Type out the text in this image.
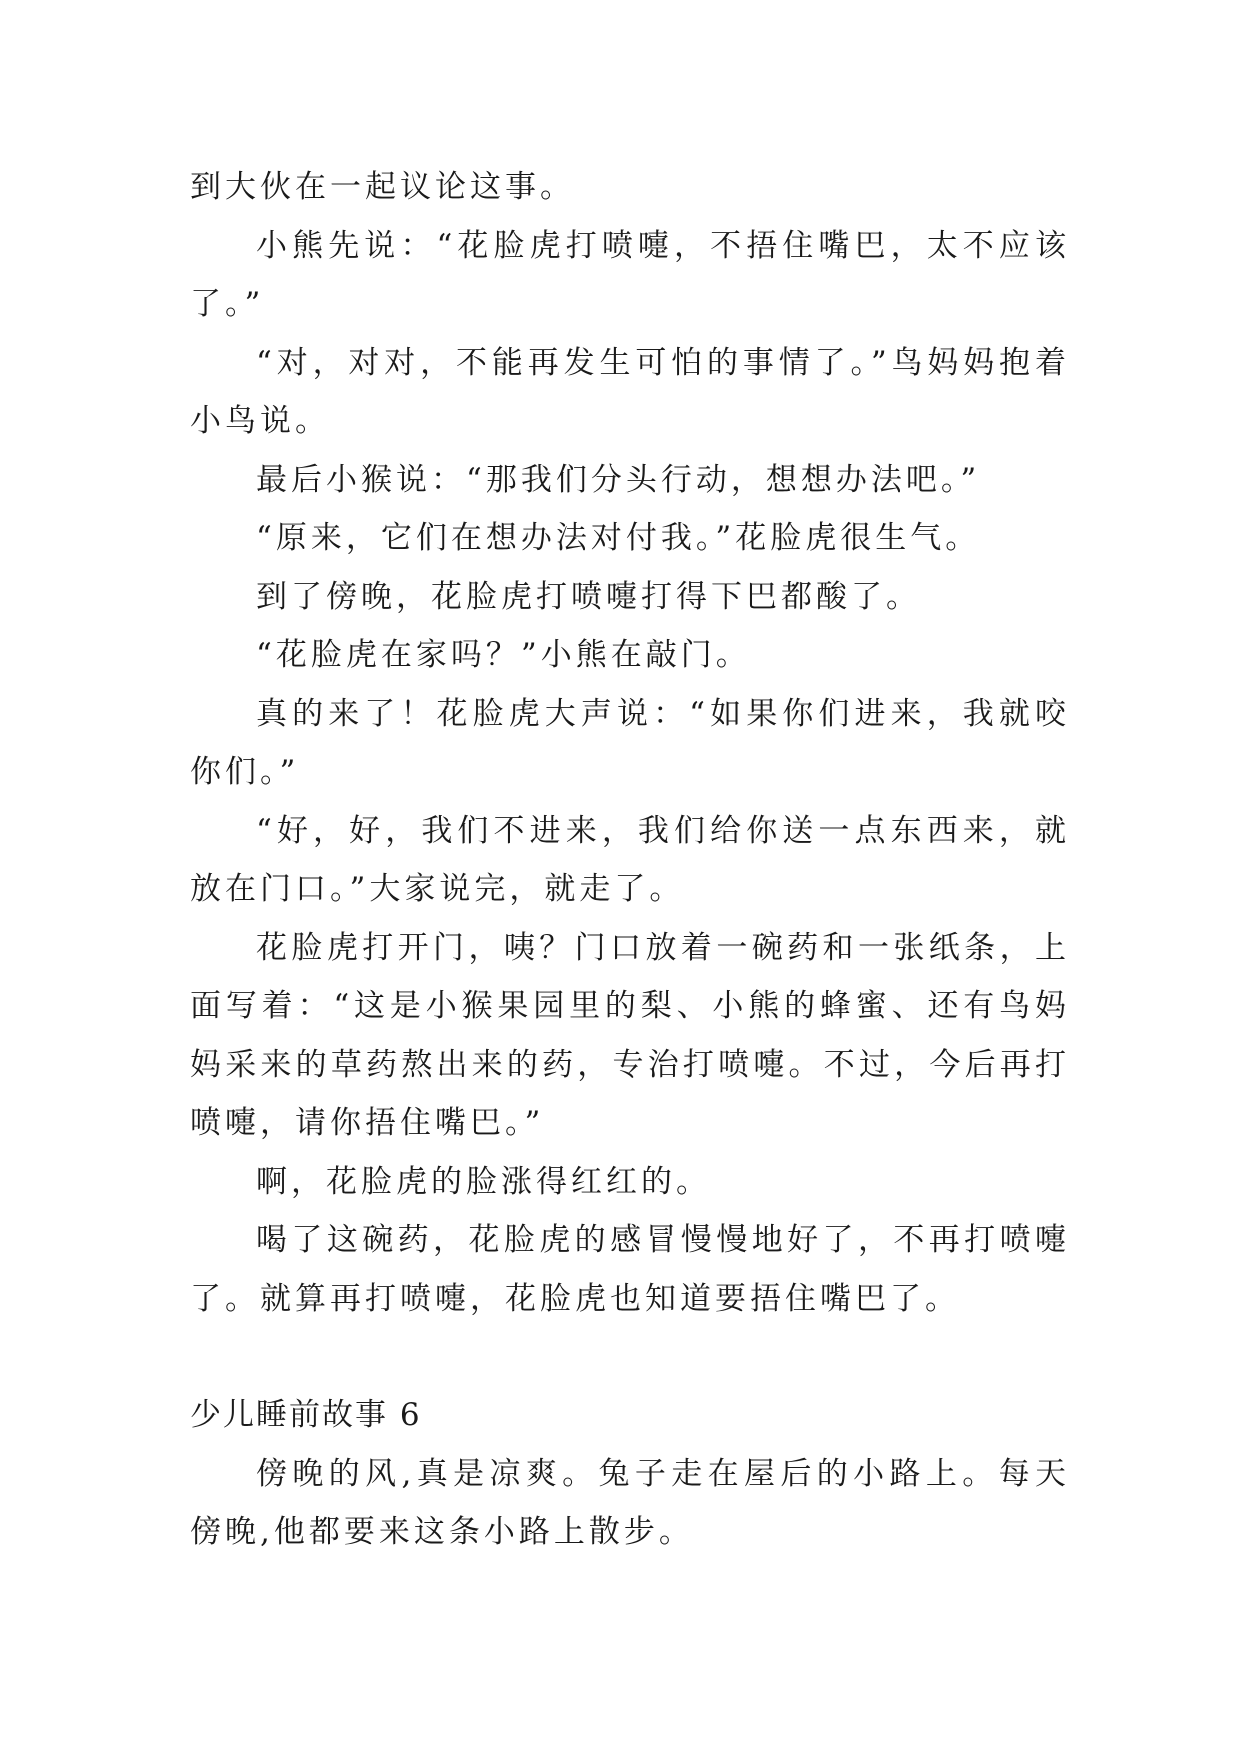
到大伙在一起议论这事。

小熊先说：“花脸虎打喷嚏，不捂住嘴巴，太不应该了。”

“对，对对，不能再发生可怕的事情了。”鸟妈妈抱着小鸟说。

最后小猴说：“那我们分头行动，想想办法吧。”

“原来，它们在想办法对付我。”花脸虎很生气。

到了傍晚，花脸虎打喷嚏打得下巴都酸了。

“花脸虎在家吗？”小熊在敲门。

真的来了！花脸虎大声说：“如果你们进来，我就咬你们。”

“好，好，我们不进来，我们给你送一点东西来，就放在门口。”大家说完，就走了。

花脸虎打开门，咦？门口放着一碗药和一张纸条，上面写着：“这是小猴果园里的梨、小熊的蜂蜜、还有鸟妈妈采来的草药熬出来的药，专治打喷嚏。不过，今后再打喷嚏，请你捂住嘴巴。”

啊，花脸虎的脸涨得红红的。

喝了这碗药，花脸虎的感冒慢慢地好了，不再打喷嚏了。就算再打喷嚏，花脸虎也知道要捂住嘴巴了。

少儿睡前故事 6

傍晚的风,真是凉爽。兔子走在屋后的小路上。每天傍晚,他都要来这条小路上散步。
